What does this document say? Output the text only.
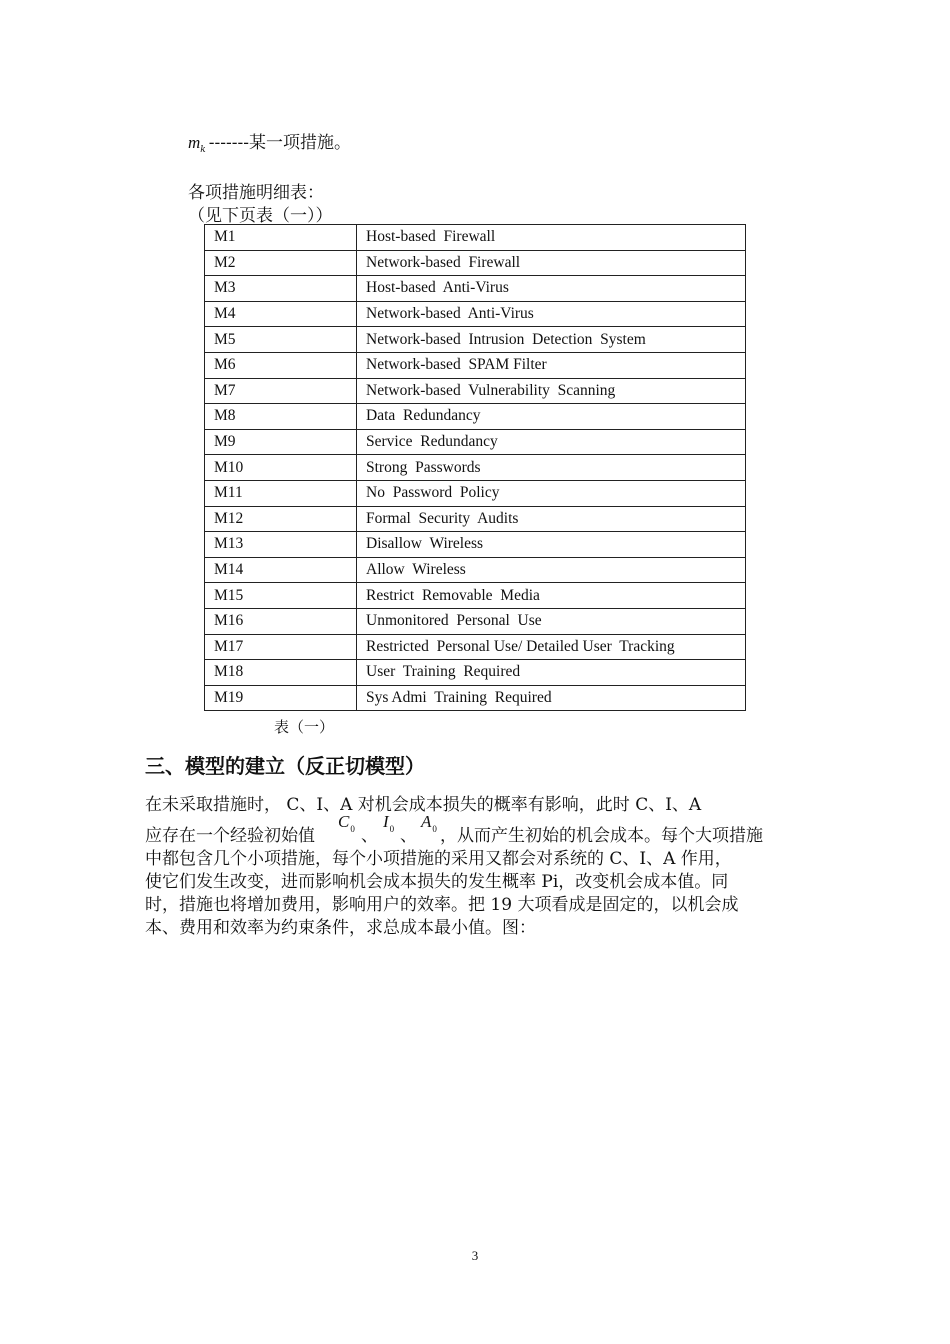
$m_k$ -------某一项措施。
各项措施明细表：
（见下页表（一））
M1	Host-based  Firewall
M2	Network-based  Firewall
M3	Host-based  Anti-Virus
M4	Network-based  Anti-Virus
M5	Network-based  Intrusion  Detection  System
M6	Network-based  SPAM Filter
M7	Network-based  Vulnerability  Scanning
M8	Data  Redundancy
M9	Service  Redundancy
M10	Strong  Passwords
M11	No  Password  Policy
M12	Formal  Security  Audits
M13	Disallow  Wireless
M14	Allow  Wireless
M15	Restrict  Removable  Media
M16	Unmonitored  Personal  Use
M17	Restricted  Personal Use/ Detailed User  Tracking
M18	User  Training  Required
M19	Sys Admi  Training  Required
表（一）
三、模型的建立（反正切模型）
在未采取措施时， C、I、A 对机会成本损失的概率有影响，此时 C、I、A
应存在一个经验初始值
$C_0$ 、
$I_0$ 、
$A_0$ ，从而产生初始的机会成本。每个大项措施
中都包含几个小项措施，每个小项措施的采用又都会对系统的 C、I、A 作用，
使它们发生改变，进而影响机会成本损失的发生概率 Pi，改变机会成本值。同
时，措施也将增加费用，影响用户的效率。把 19 大项看成是固定的，以机会成
本、费用和效率为约束条件，求总成本最小值。图：
3
